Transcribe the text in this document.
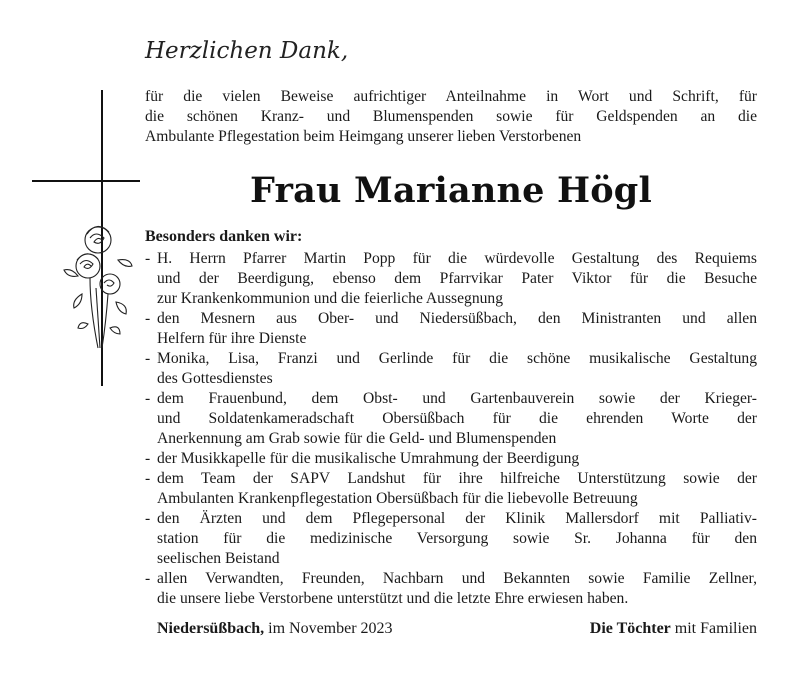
Herzlichen Dank,
für die vielen Beweise aufrichtiger Anteilnahme in Wort und Schrift, für
die schönen Kranz- und Blumenspenden sowie für Geldspenden an die
Ambulante Pflegestation beim Heimgang unserer lieben Verstorbenen
Frau Marianne Högl
Besonders danken wir:
- H. Herrn Pfarrer Martin Popp für die würdevolle Gestaltung des Requiems
und der Beerdigung, ebenso dem Pfarrvikar Pater Viktor für die Besuche
zur Krankenkommunion und die feierliche Aussegnung
- den Mesnern aus Ober- und Niedersüßbach, den Ministranten und allen
Helfern für ihre Dienste
- Monika, Lisa, Franzi und Gerlinde für die schöne musikalische Gestaltung
des Gottesdienstes
- dem Frauenbund, dem Obst- und Gartenbauverein sowie der Krieger-
und Soldatenkameradschaft Obersüßbach für die ehrenden Worte der
Anerkennung am Grab sowie für die Geld- und Blumenspenden
- der Musikkapelle für die musikalische Umrahmung der Beerdigung
- dem Team der SAPV Landshut für ihre hilfreiche Unterstützung sowie der
Ambulanten Krankenpflegestation Obersüßbach für die liebevolle Betreuung
- den Ärzten und dem Pflegepersonal der Klinik Mallersdorf mit Palliativ-
station für die medizinische Versorgung sowie Sr. Johanna für den
seelischen Beistand
- allen Verwandten, Freunden, Nachbarn und Bekannten sowie Familie Zellner,
die unsere liebe Verstorbene unterstützt und die letzte Ehre erwiesen haben.
Niedersüßbach, im November 2023	Die Töchter mit Familien
